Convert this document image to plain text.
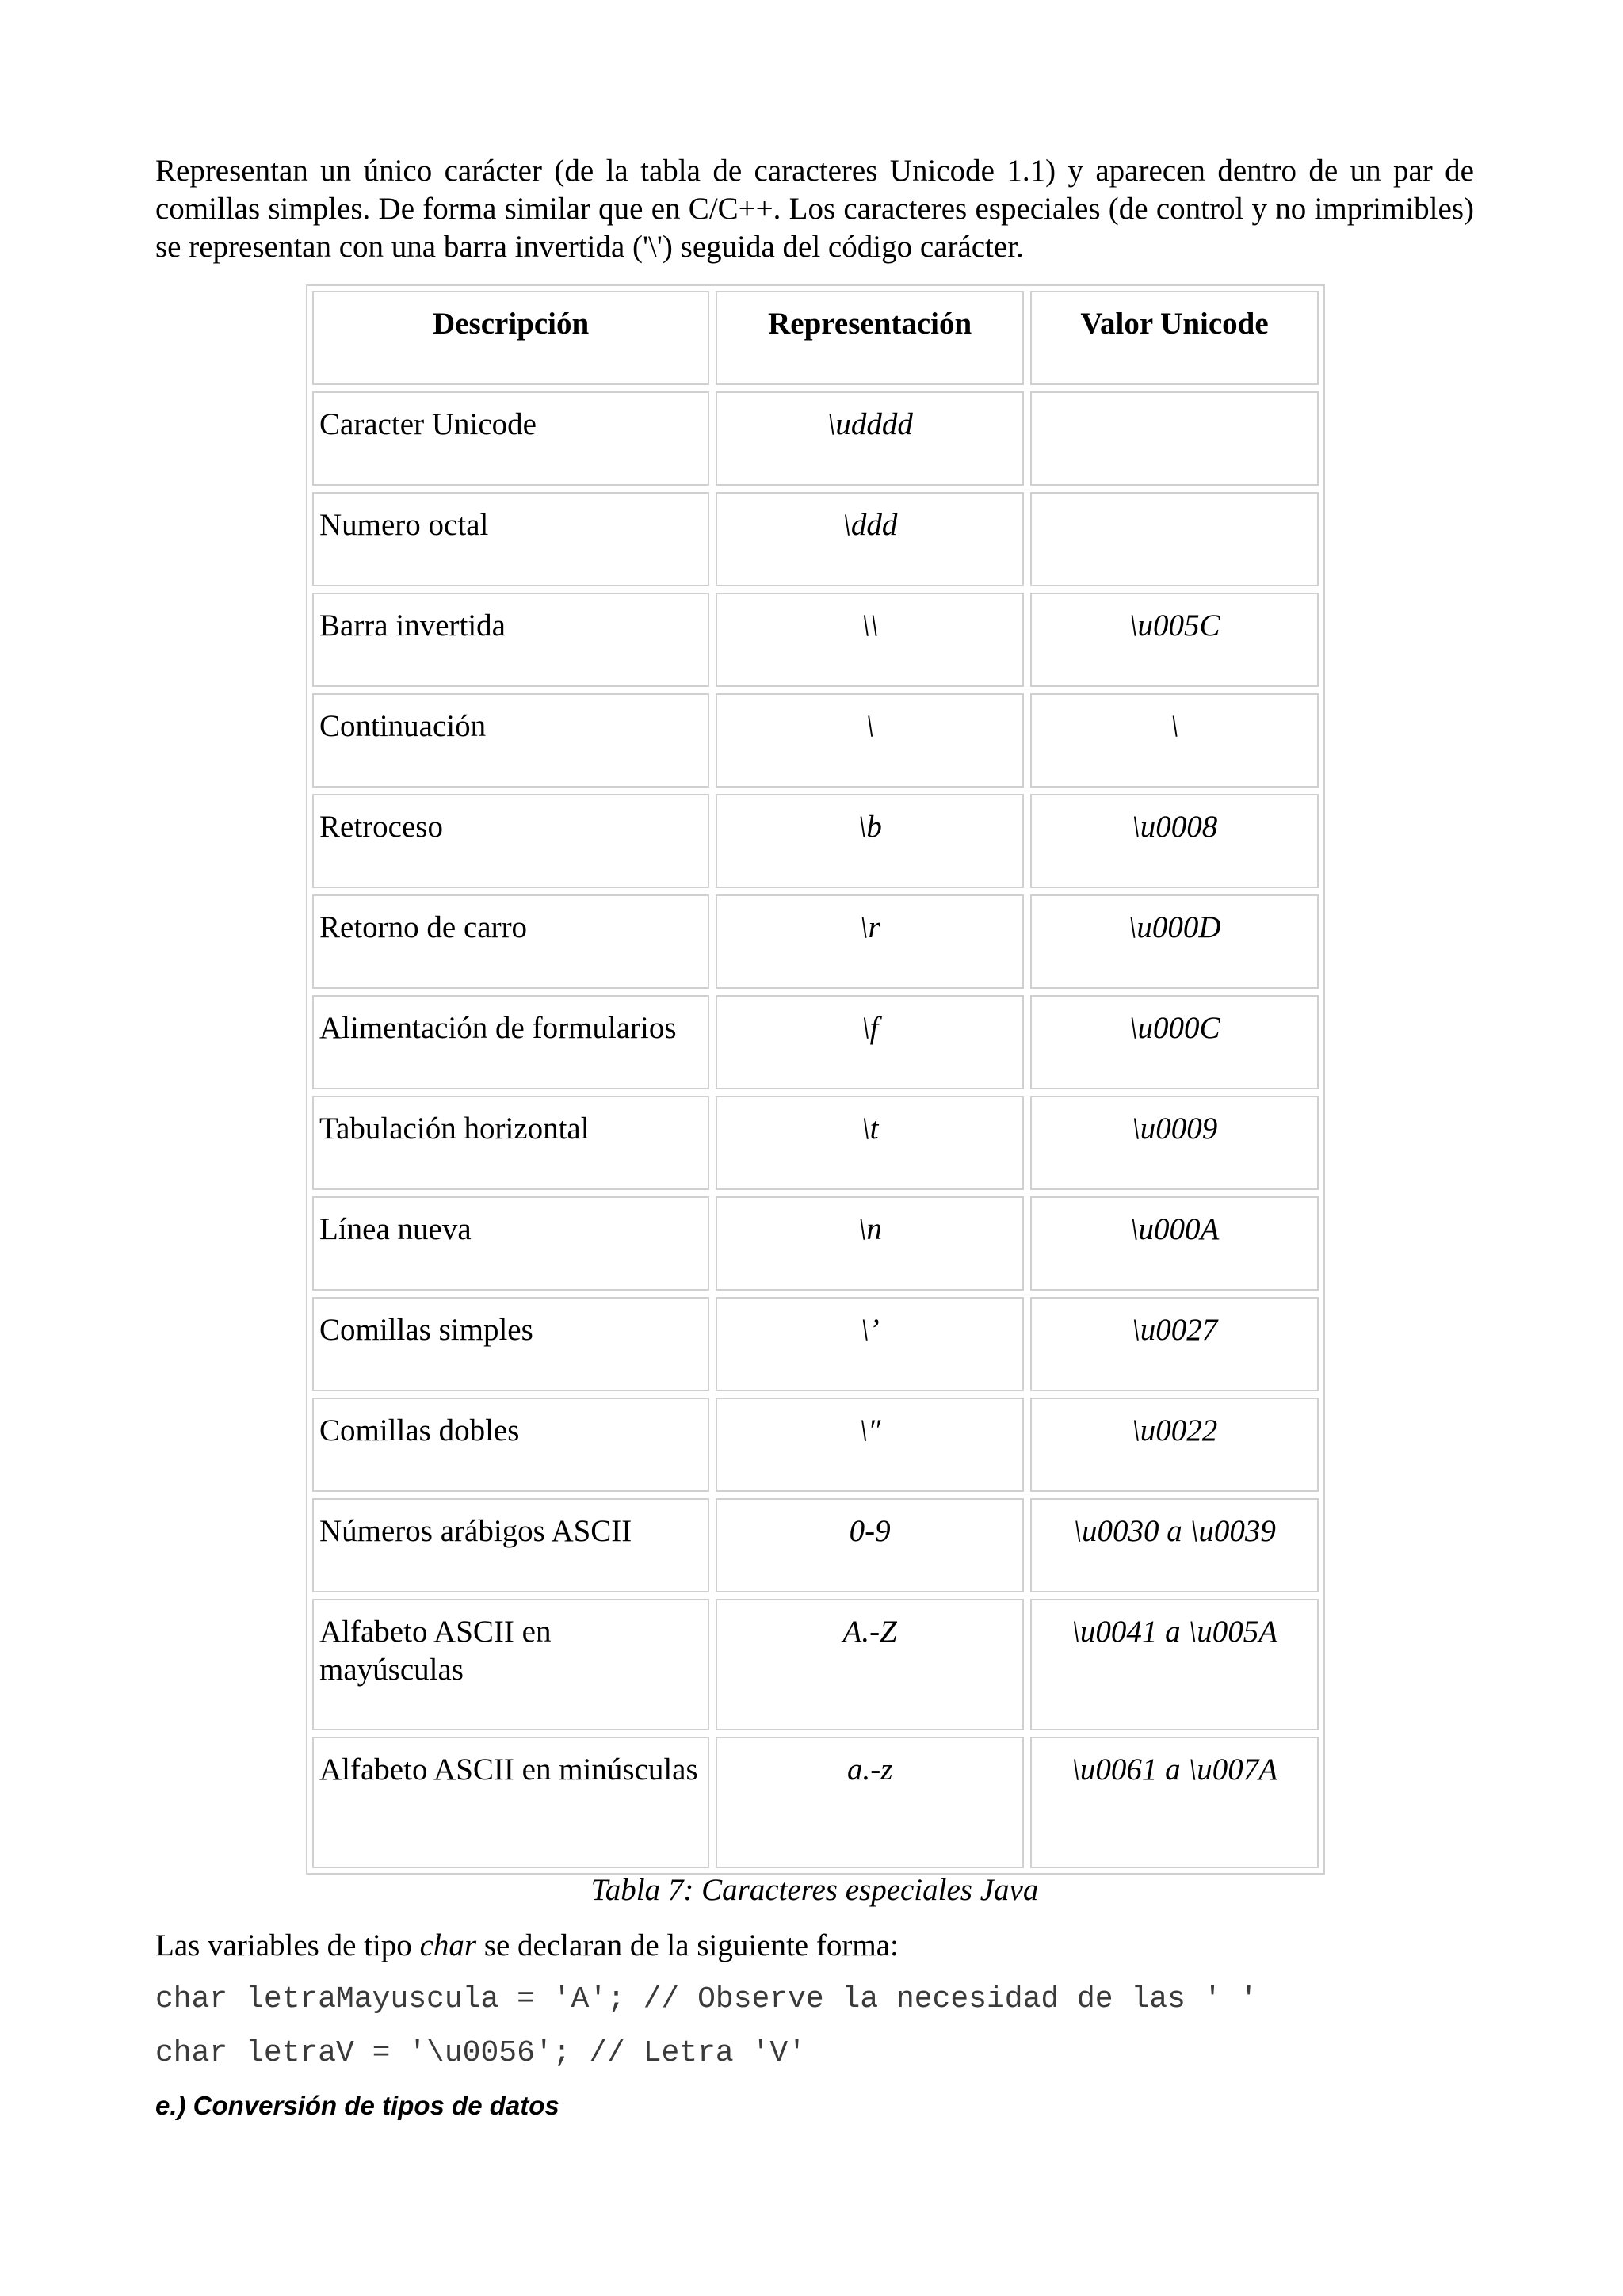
Representan un único carácter (de la tabla de caracteres Unicode 1.1) y aparecen dentro de un par de comillas simples. De forma similar que en C/C++. Los caracteres especiales (de control y no imprimibles) se representan con una barra invertida ('\') seguida del código carácter.

Descripción	Representación	Valor Unicode
Caracter Unicode	\udddd	
Numero octal	\ddd	
Barra invertida	\\	\u005C
Continuación	\	\
Retroceso	\b	\u0008
Retorno de carro	\r	\u000D
Alimentación de formularios	\f	\u000C
Tabulación horizontal	\t	\u0009
Línea nueva	\n	\u000A
Comillas simples	\’	\u0027
Comillas dobles	\″	\u0022
Números arábigos ASCII	0-9	\u0030 a \u0039
Alfabeto ASCII en mayúsculas	A.-Z	\u0041 a \u005A
Alfabeto ASCII en minúsculas	a.-z	\u0061 a \u007A

Tabla 7: Caracteres especiales Java

Las variables de tipo char se declaran de la siguiente forma:

char letraMayuscula = 'A'; // Observe la necesidad de las ' '
char letraV = '\u0056'; // Letra 'V'

e.) Conversión de tipos de datos
